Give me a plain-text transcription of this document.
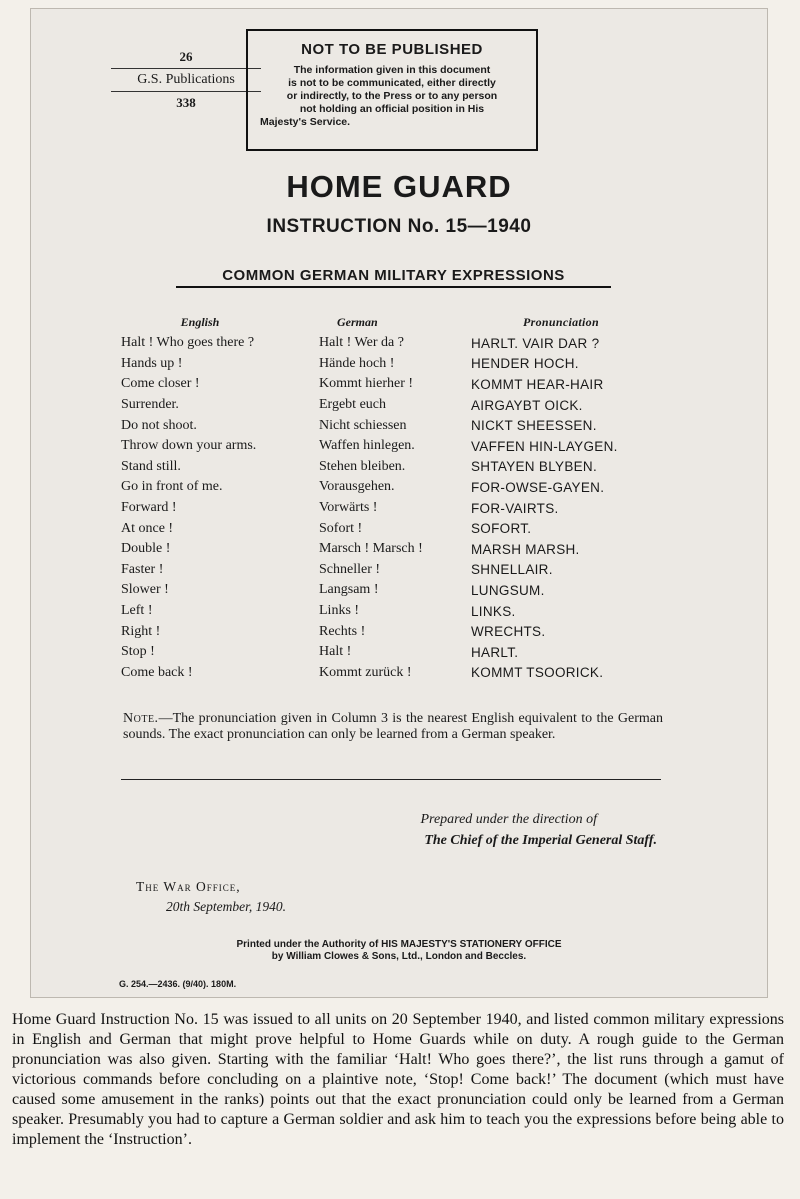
26
G.S. Publications
338
NOT TO BE PUBLISHED
The information given in this document
is not to be communicated, either directly
or indirectly, to the Press or to any person
not holding an official position in His
Majesty's Service.
HOME GUARD
INSTRUCTION No. 15—1940
COMMON GERMAN MILITARY EXPRESSIONS
English	German	Pronunciation
Halt ! Who goes there ?	Halt ! Wer da ?	HARLT. VAIR DAR ?
Hands up !	Hände hoch !	HENDER HOCH.
Come closer !	Kommt hierher !	KOMMT HEAR-HAIR
Surrender.	Ergebt euch	AIRGAYBT OICK.
Do not shoot.	Nicht schiessen	NICKT SHEESSEN.
Throw down your arms.	Waffen hinlegen.	VAFFEN HIN-LAYGEN.
Stand still.	Stehen bleiben.	SHTAYEN BLYBEN.
Go in front of me.	Vorausgehen.	FOR-OWSE-GAYEN.
Forward !	Vorwärts !	FOR-VAIRTS.
At once !	Sofort !	SOFORT.
Double !	Marsch ! Marsch !	MARSH MARSH.
Faster !	Schneller !	SHNELLAIR.
Slower !	Langsam !	LUNGSUM.
Left !	Links !	LINKS.
Right !	Rechts !	WRECHTS.
Stop !	Halt !	HARLT.
Come back !	Kommt zurück !	KOMMT TSOORICK.
Note.—The pronunciation given in Column 3 is the nearest English equivalent to the German sounds. The exact pronunciation can only be learned from a German speaker.
Prepared under the direction of
The Chief of the Imperial General Staff.
The War Office,
20th September, 1940.
Printed under the Authority of HIS MAJESTY'S STATIONERY OFFICE
by William Clowes & Sons, Ltd., London and Beccles.
G. 254.—2436. (9/40). 180M.
Home Guard Instruction No. 15 was issued to all units on 20 September 1940, and listed common military expressions in English and German that might prove helpful to Home Guards while on duty. A rough guide to the German pronunciation was also given. Starting with the familiar ‘Halt! Who goes there?’, the list runs through a gamut of victorious commands before concluding on a plaintive note, ‘Stop! Come back!’ The document (which must have caused some amusement in the ranks) points out that the exact pronunciation could only be learned from a German speaker. Presumably you had to capture a German soldier and ask him to teach you the expressions before being able to implement the ‘Instruction’.
